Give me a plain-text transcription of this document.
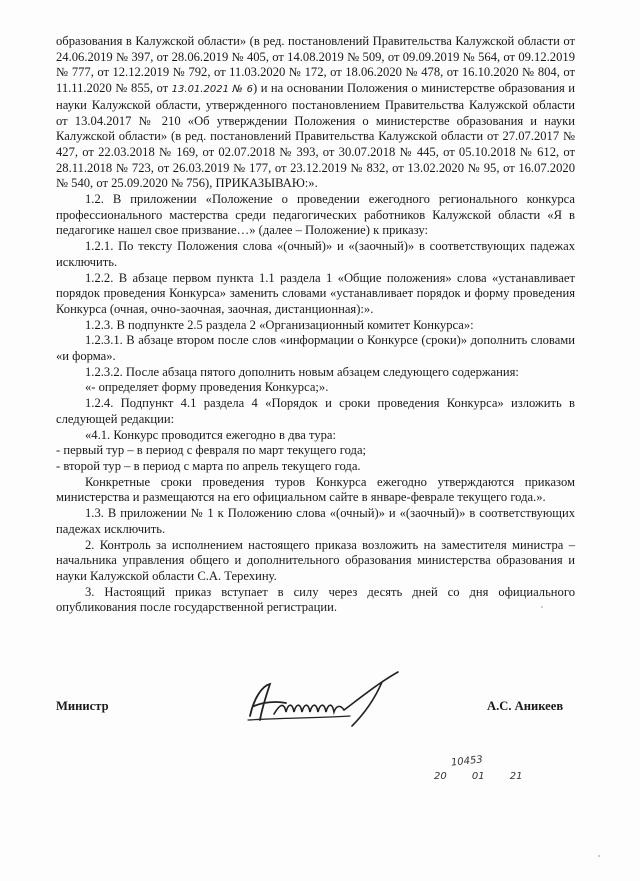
образования в Калужской области» (в ред. постановлений Правительства Калужской области от 24.06.2019 № 397, от 28.06.2019 № 405, от 14.08.2019 № 509, от 09.09.2019 № 564, от 09.12.2019 № 777, от 12.12.2019 № 792, от 11.03.2020 № 172, от 18.06.2020 № 478, от 16.10.2020 № 804, от 11.11.2020 № 855, от 13.01.2021 № 6) и на основании Положения о министерстве образования и науки Калужской области, утвержденного постановлением Правительства Калужской области от 13.04.2017 № 210 «Об утверждении Положения о министерстве образования и науки Калужской области» (в ред. постановлений Правительства Калужской области от 27.07.2017 № 427, от 22.03.2018 № 169, от 02.07.2018 № 393, от 30.07.2018 № 445, от 05.10.2018 № 612, от 28.11.2018 № 723, от 26.03.2019 № 177, от 23.12.2019 № 832, от 13.02.2020 № 95, от 16.07.2020 № 540, от 25.09.2020 № 756), ПРИКАЗЫВАЮ:».

1.2. В приложении «Положение о проведении ежегодного регионального конкурса профессионального мастерства среди педагогических работников Калужской области «Я в педагогике нашел свое призвание…» (далее – Положение) к приказу:

1.2.1. По тексту Положения слова «(очный)» и «(заочный)» в соответствующих падежах исключить.

1.2.2. В абзаце первом пункта 1.1 раздела 1 «Общие положения» слова «устанавливает порядок проведения Конкурса» заменить словами «устанавливает порядок и форму проведения Конкурса (очная, очно-заочная, заочная, дистанционная):».

1.2.3. В подпункте 2.5 раздела 2 «Организационный комитет Конкурса»:

1.2.3.1. В абзаце втором после слов «информации о Конкурсе (сроки)» дополнить словами «и форма».

1.2.3.2. После абзаца пятого дополнить новым абзацем следующего содержания:

«- определяет форму проведения Конкурса;».

1.2.4. Подпункт 4.1 раздела 4 «Порядок и сроки проведения Конкурса» изложить в следующей редакции:

«4.1. Конкурс проводится ежегодно в два тура:

- первый тур – в период с февраля по март текущего года;

- второй тур – в период с марта по апрель текущего года.

Конкретные сроки проведения туров Конкурса ежегодно утверждаются приказом министерства и размещаются на его официальном сайте в январе-феврале текущего года.».

1.3. В приложении № 1 к Положению слова «(очный)» и «(заочный)» в соответствующих падежах исключить.

2. Контроль за исполнением настоящего приказа возложить на заместителя министра – начальника управления общего и дополнительного образования министерства образования и науки Калужской области С.А. Терехину.

3. Настоящий приказ вступает в силу через десять дней со дня официального опубликования после государственной регистрации.

Министр	А.С. Аникеев
10453
20 01 21
